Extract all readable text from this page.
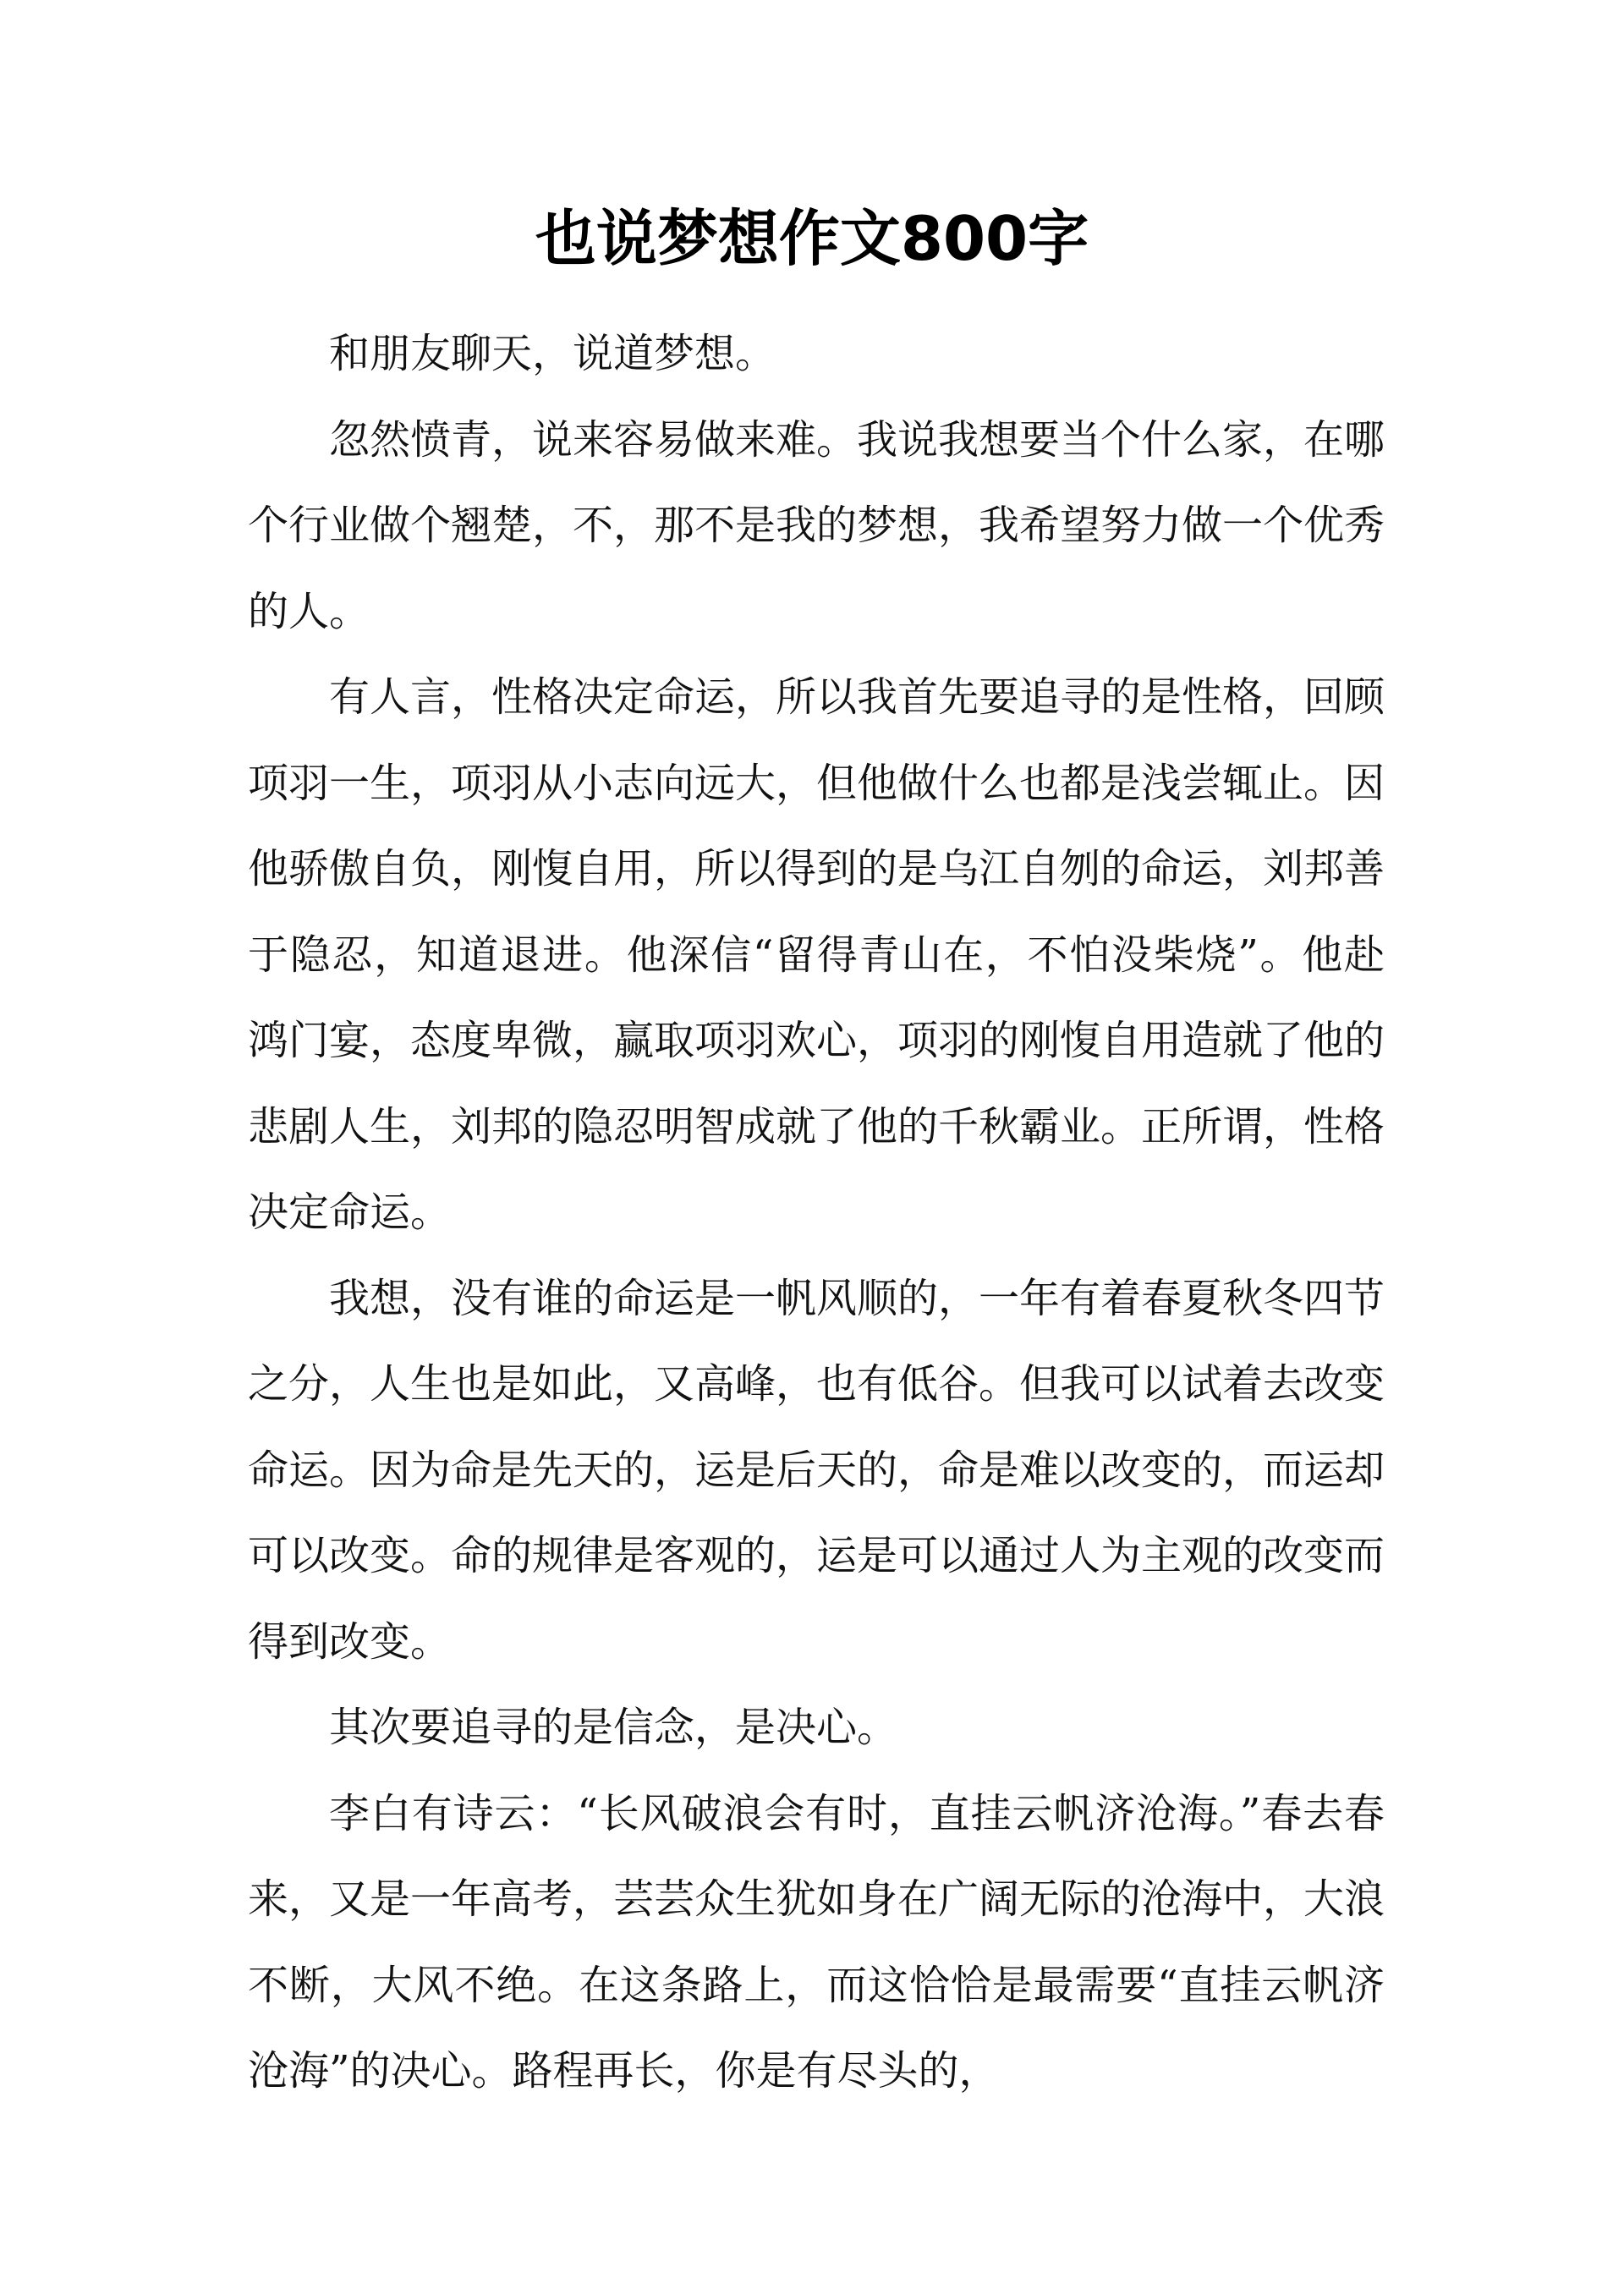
也说梦想作文800字

和朋友聊天，说道梦想。

忽然愤青，说来容易做来难。我说我想要当个什么家，在哪个行业做个翘楚，不，那不是我的梦想，我希望努力做一个优秀的人。

有人言，性格决定命运，所以我首先要追寻的是性格，回顾项羽一生，项羽从小志向远大，但他做什么也都是浅尝辄止。因他骄傲自负，刚愎自用，所以得到的是乌江自刎的命运，刘邦善于隐忍，知道退进。他深信“留得青山在，不怕没柴烧”。他赴鸿门宴，态度卑微，赢取项羽欢心，项羽的刚愎自用造就了他的悲剧人生，刘邦的隐忍明智成就了他的千秋霸业。正所谓，性格决定命运。

我想，没有谁的命运是一帆风顺的，一年有着春夏秋冬四节之分，人生也是如此，又高峰，也有低谷。但我可以试着去改变命运。因为命是先天的，运是后天的，命是难以改变的，而运却可以改变。命的规律是客观的，运是可以通过人为主观的改变而得到改变。

其次要追寻的是信念，是决心。

李白有诗云：“长风破浪会有时，直挂云帆济沧海。”春去春来，又是一年高考，芸芸众生犹如身在广阔无际的沧海中，大浪不断，大风不绝。在这条路上，而这恰恰是最需要“直挂云帆济沧海”的决心。路程再长，你是有尽头的，
